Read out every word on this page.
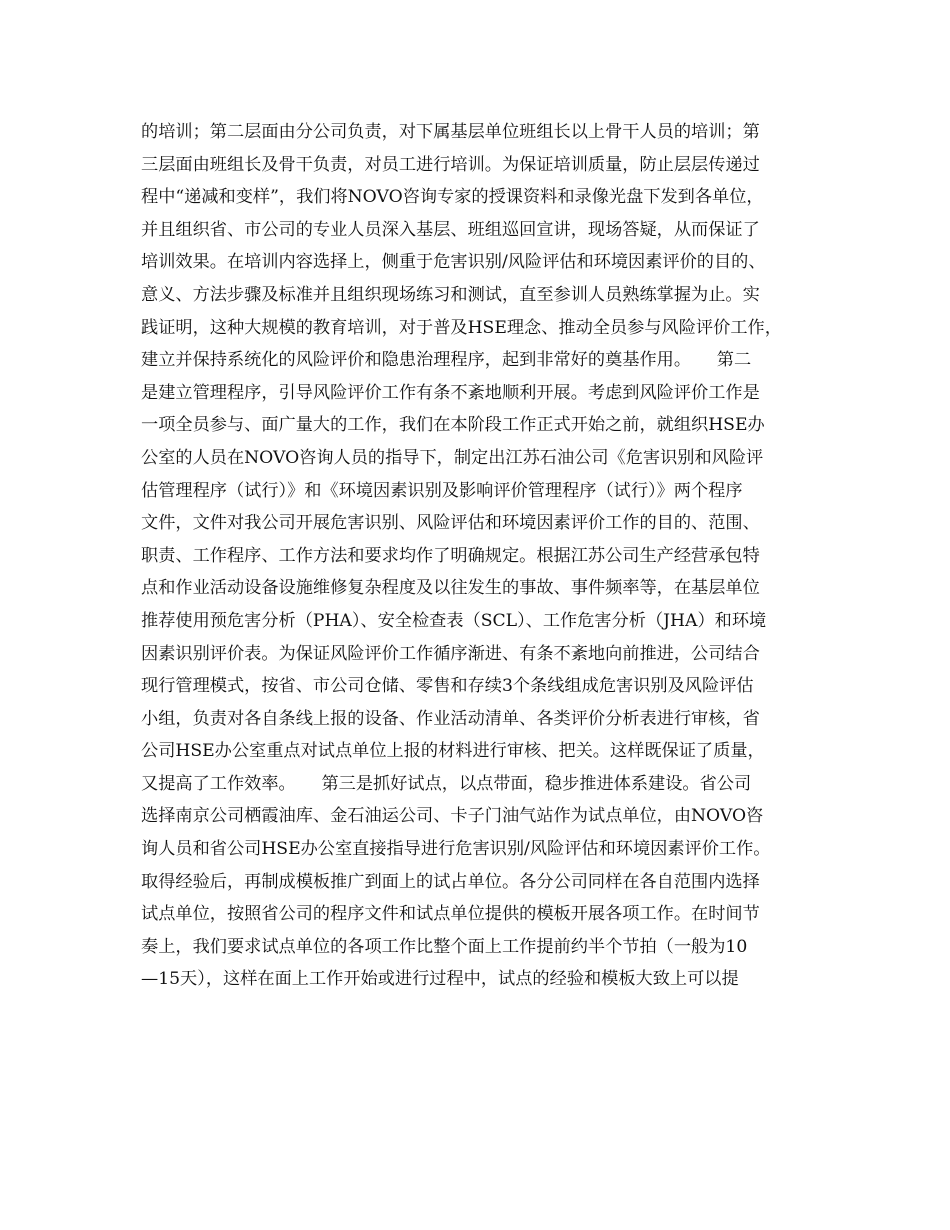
的培训；第二层面由分公司负责，对下属基层单位班组长以上骨干人员的培训；第
三层面由班组长及骨干负责，对员工进行培训。为保证培训质量，防止层层传递过
程中“递减和变样”，我们将NOVO咨询专家的授课资料和录像光盘下发到各单位，
并且组织省、市公司的专业人员深入基层、班组巡回宣讲，现场答疑，从而保证了
培训效果。在培训内容选择上，侧重于危害识别/风险评估和环境因素评价的目的、
意义、方法步骤及标准并且组织现场练习和测试，直至参训人员熟练掌握为止。实
践证明，这种大规模的教育培训，对于普及HSE理念、推动全员参与风险评价工作，
建立并保持系统化的风险评价和隐患治理程序，起到非常好的奠基作用。　　第二
是建立管理程序，引导风险评价工作有条不紊地顺利开展。考虑到风险评价工作是
一项全员参与、面广量大的工作，我们在本阶段工作正式开始之前，就组织HSE办
公室的人员在NOVO咨询人员的指导下，制定出江苏石油公司《危害识别和风险评
估管理程序（试行）》和《环境因素识别及影响评价管理程序（试行）》两个程序
文件，文件对我公司开展危害识别、风险评估和环境因素评价工作的目的、范围、
职责、工作程序、工作方法和要求均作了明确规定。根据江苏公司生产经营承包特
点和作业活动设备设施维修复杂程度及以往发生的事故、事件频率等，在基层单位
推荐使用预危害分析（PHA）、安全检查表（SCL）、工作危害分析（JHA）和环境
因素识别评价表。为保证风险评价工作循序渐进、有条不紊地向前推进，公司结合
现行管理模式，按省、市公司仓储、零售和存续3个条线组成危害识别及风险评估
小组，负责对各自条线上报的设备、作业活动清单、各类评价分析表进行审核，省
公司HSE办公室重点对试点单位上报的材料进行审核、把关。这样既保证了质量，
又提高了工作效率。　　第三是抓好试点，以点带面，稳步推进体系建设。省公司
选择南京公司栖霞油库、金石油运公司、卡子门油气站作为试点单位，由NOVO咨
询人员和省公司HSE办公室直接指导进行危害识别/风险评估和环境因素评价工作。
取得经验后，再制成模板推广到面上的试占单位。各分公司同样在各自范围内选择
试点单位，按照省公司的程序文件和试点单位提供的模板开展各项工作。在时间节
奏上，我们要求试点单位的各项工作比整个面上工作提前约半个节拍（一般为10
—15天），这样在面上工作开始或进行过程中，试点的经验和模板大致上可以提
